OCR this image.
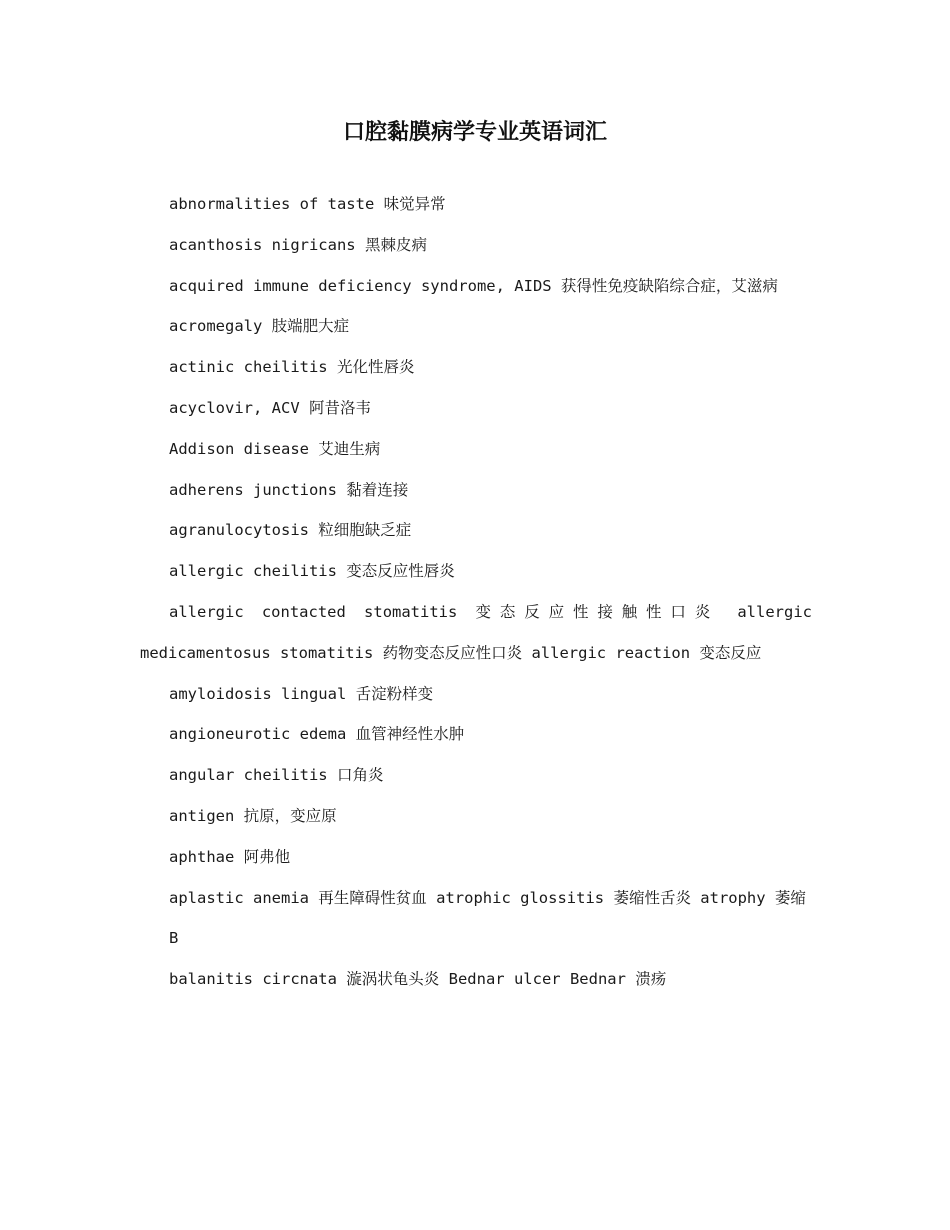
口腔黏膜病学专业英语词汇

abnormalities of taste 味觉异常

acanthosis nigricans 黑棘皮病

acquired immune deficiency syndrome, AIDS 获得性免疫缺陷综合症，艾滋病

acromegaly 肢端肥大症

actinic cheilitis 光化性唇炎

acyclovir, ACV 阿昔洛韦

Addison disease 艾迪生病

adherens junctions 黏着连接

agranulocytosis 粒细胞缺乏症

allergic cheilitis 变态反应性唇炎

allergic contacted stomatitis 变态反应性接触性口炎 allergic medicamentosus stomatitis 药物变态反应性口炎 allergic reaction 变态反应

amyloidosis lingual 舌淀粉样变

angioneurotic edema 血管神经性水肿

angular cheilitis 口角炎

antigen 抗原，变应原

aphthae 阿弗他

aplastic anemia 再生障碍性贫血 atrophic glossitis 萎缩性舌炎 atrophy 萎缩

B

balanitis circnata 漩涡状龟头炎 Bednar ulcer Bednar 溃疡
